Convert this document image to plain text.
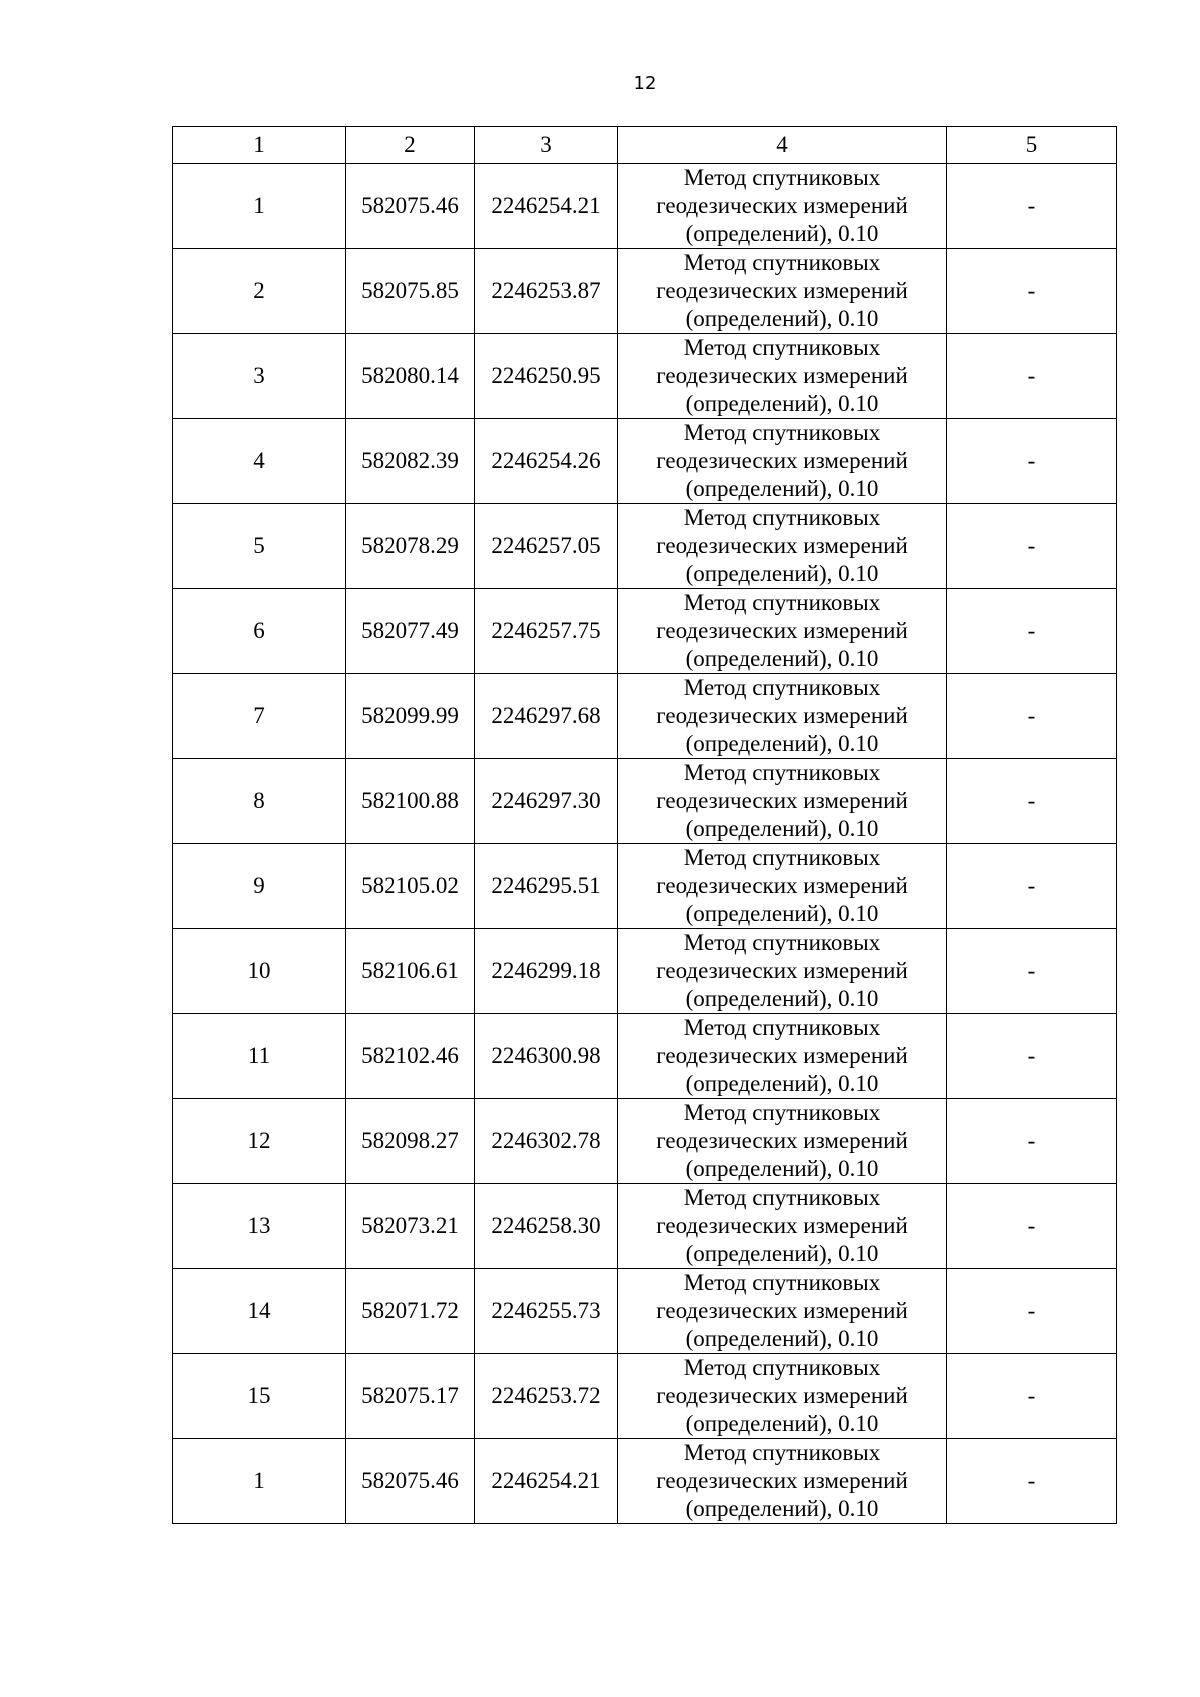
12
1	2	3	4	5
1	582075.46	2246254.21	Метод спутниковых
геодезических измерений
(определений), 0.10	-
2	582075.85	2246253.87	Метод спутниковых
геодезических измерений
(определений), 0.10	-
3	582080.14	2246250.95	Метод спутниковых
геодезических измерений
(определений), 0.10	-
4	582082.39	2246254.26	Метод спутниковых
геодезических измерений
(определений), 0.10	-
5	582078.29	2246257.05	Метод спутниковых
геодезических измерений
(определений), 0.10	-
6	582077.49	2246257.75	Метод спутниковых
геодезических измерений
(определений), 0.10	-
7	582099.99	2246297.68	Метод спутниковых
геодезических измерений
(определений), 0.10	-
8	582100.88	2246297.30	Метод спутниковых
геодезических измерений
(определений), 0.10	-
9	582105.02	2246295.51	Метод спутниковых
геодезических измерений
(определений), 0.10	-
10	582106.61	2246299.18	Метод спутниковых
геодезических измерений
(определений), 0.10	-
11	582102.46	2246300.98	Метод спутниковых
геодезических измерений
(определений), 0.10	-
12	582098.27	2246302.78	Метод спутниковых
геодезических измерений
(определений), 0.10	-
13	582073.21	2246258.30	Метод спутниковых
геодезических измерений
(определений), 0.10	-
14	582071.72	2246255.73	Метод спутниковых
геодезических измерений
(определений), 0.10	-
15	582075.17	2246253.72	Метод спутниковых
геодезических измерений
(определений), 0.10	-
1	582075.46	2246254.21	Метод спутниковых
геодезических измерений
(определений), 0.10	-
